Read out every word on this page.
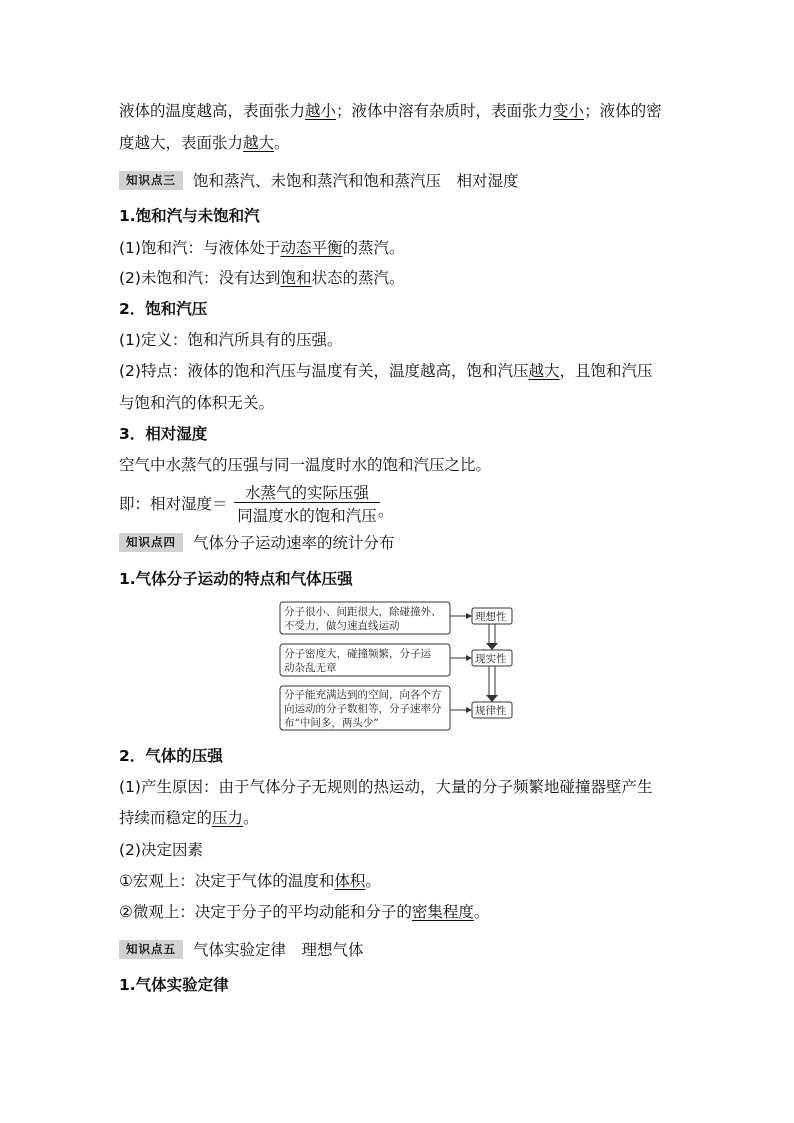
液体的温度越高，表面张力越小；液体中溶有杂质时，表面张力变小；液体的密
度越大，表面张力越大。
知识点三	饱和蒸汽、未饱和蒸汽和饱和蒸汽压　相对湿度
1.饱和汽与未饱和汽
(1)饱和汽：与液体处于动态平衡的蒸汽。
(2)未饱和汽：没有达到饱和状态的蒸汽。
2．饱和汽压
(1)定义：饱和汽所具有的压强。
(2)特点：液体的饱和汽压与温度有关，温度越高，饱和汽压越大，且饱和汽压
与饱和汽的体积无关。
3．相对湿度
空气中水蒸气的压强与同一温度时水的饱和汽压之比。
即：相对湿度＝
水蒸气的实际压强
同温度水的饱和汽压 。
知识点四	气体分子运动速率的统计分布
1.气体分子运动的特点和气体压强
分子很小、间距很大，除碰撞外、
不受力，做匀速直线运动
分子密度大，碰撞频繁，分子运
动杂乱无章
分子能充满达到的空间，向各个方
向运动的分子数相等，分子速率分
布“中间多，两头少”
理想性
现实性
规律性
2．气体的压强
(1)产生原因：由于气体分子无规则的热运动，大量的分子频繁地碰撞器壁产生
持续而稳定的压力。
(2)决定因素
①宏观上：决定于气体的温度和体积。
②微观上：决定于分子的平均动能和分子的密集程度。
知识点五	气体实验定律　理想气体
1.气体实验定律
